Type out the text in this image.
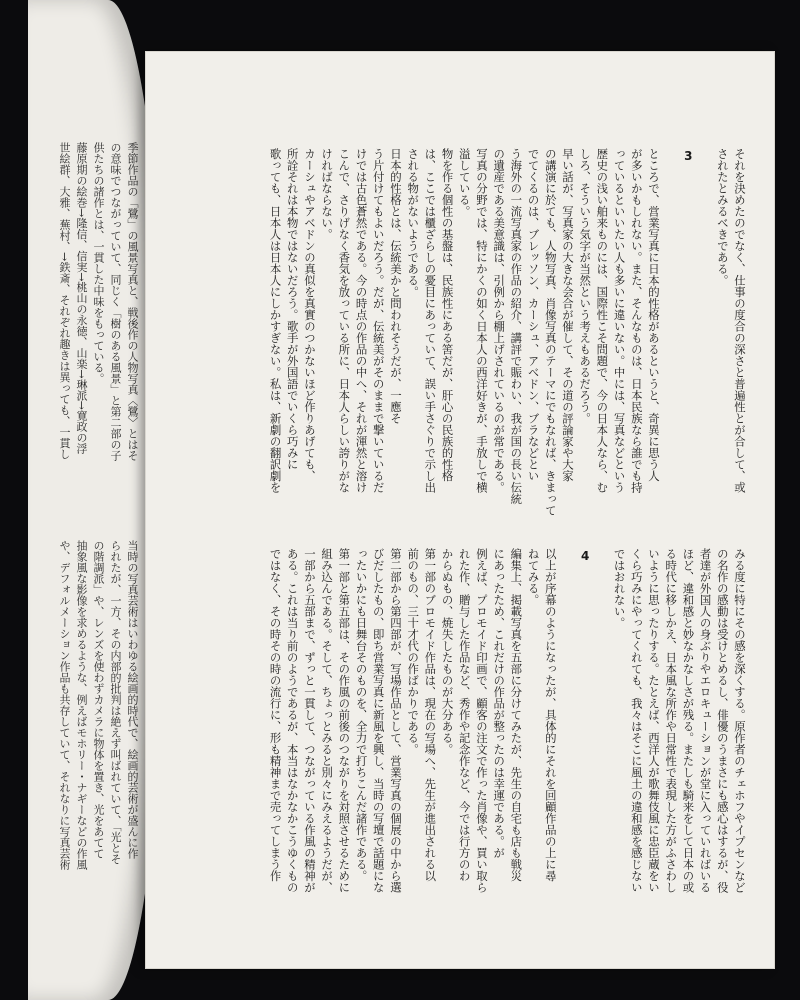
季節作品の「鷺」の風景写真と、戦後作の人物写真〈鷺〉とはそ

の意味でつながっていて、同じく「樹のある風景」と第二部の子

供たちの諸作とは、一貫した中味をもっている。

藤原期の絵巻→隆信、信実→桃山の永徳、山楽→琳派→寛政の浮

世絵群、大雅、蕪村、→鉄斎、それぞれ趣きは異っても、一貫し

当時の写真芸術はいわゆる絵画的時代で、絵画的芸術が盛んに作

られたが、一方、その内部的批判は絶えず叫ばれていて、「光とそ

の階調派」や、レンズを使わずカメラに物体を置き、光をあてて

抽象風な影像を求めるような、例えばモホリー・ナギーなどの作風

や、デフォルメーション作品も共存していて、それなりに写真芸術

それを決めたのでなく、仕事の度合の深さと普遍性とが合して、或

されたとみるべきである。

3

ところで、営業写真に日本的性格があるというと、奇異に思う人

が多いかもしれない。また、そんなものは、日本民族なら誰でも持

っているといいたい人も多いに違いない。中には、写真などという

歴史の浅い舶来ものには、国際性こそ問題で、今の日本人なら、む

しろ、そういう気字が当然という考えもあるだろう。

早い話が、写真家の大きな会合が催して、その道の評論家や大家

の講演に於ても、人物写真、肖像写真のテーマにでもなれば、きまって

でてくるのは、ブレッソン、カーシュ、アベドン、ブラなどとい

う海外の一流写真家の作品の紹介、講評で賑わい、我が国の長い伝統

の遺産である美意識は、引例から棚上げされているのが常である。

写真の分野では、特にかくの如く日本人の西洋好きが、手放しで横

溢している。

物を作る個性の基盤は、民族性にある筈だが、肝心の民族的性格

は、ここでは櫃ざらしの憂目にあっていて、誤い手さぐりで示し出

される物がないようである。

日本的性格とは、伝統美かと問われそうだが、一應そ

う片付けてもよいだろう。だが、伝統美がそのままで撃いているだ

けでは古色蒼然である。今の時点の作品の中へ、それが渾然と溶け

こんで、さりげなく香気を放っている所に、日本人らしい誇りがな

ければならない。

カーシュやアベドンの真似を真實のつかないほど作りあげても、

所詮それは本物ではないだろう。歌手が外国語でいくら巧みに

歌っても、日本人は日本人にしかすぎない。私は、新劇の翻訳劇を

みる度に特にその感を深くする。原作者のチェホフやイプセンなど

の名作の感動は受けとめるし、俳優のうまさにも感心はするが、役

者達が外国人の身ぶりやエロキューションが堂に入っていればいる

ほど、違和感と妙なかなしさが残る。またしも騎来をして日本の或

る時代に移しかえ、日本風な所作や日常性で表現した方がふさわし

いように思ったりする。たとえば、西洋人が歌舞伎風に忠臣蔵をい

くら巧みにやってくれても、我々はそこに風土の違和感を感じない

ではおれない。

4

以上が序幕のようになったが、具体的にそれを回顧作品の上に尋

ねてみる。

編集上、掲載写真を五部に分けてみたが、先生の自宅も店も戦災

にあったため、これだけの作品が整ったのは幸運である。が

例えば、プロモイド印画で、顧客の注文で作った肖像や、買い取ら

れた作、贈与した作品など、秀作や記念作など、今では行方のわ

からぬもの、焼失したものが大分ある。

第一部のブロモイド作品は、現在の写場へ、先生が進出される以

前のもの、三十才代の作ばかりである。

第二部から第四部が、写場作品として、営業写真の個展の中から選

びだしたもの、即ち営業写真に新風を興し、当時の写壇で話題にな

ったいかにも日舞台そのものを、全力で打ちこんだ諸作である。

第一部と第五部は、その作風の前後のつながりを対照させるために

組み込んである。そして、ちょっとみると別々にみえるようだが、

一部から五部まで、ずっと一貫して、つながっている作風の精神が

ある。これは当り前のようであるが、本当はなかなかこうゆくもの

ではなく、その時その時の流行に、形も精神まで売ってしまう作
